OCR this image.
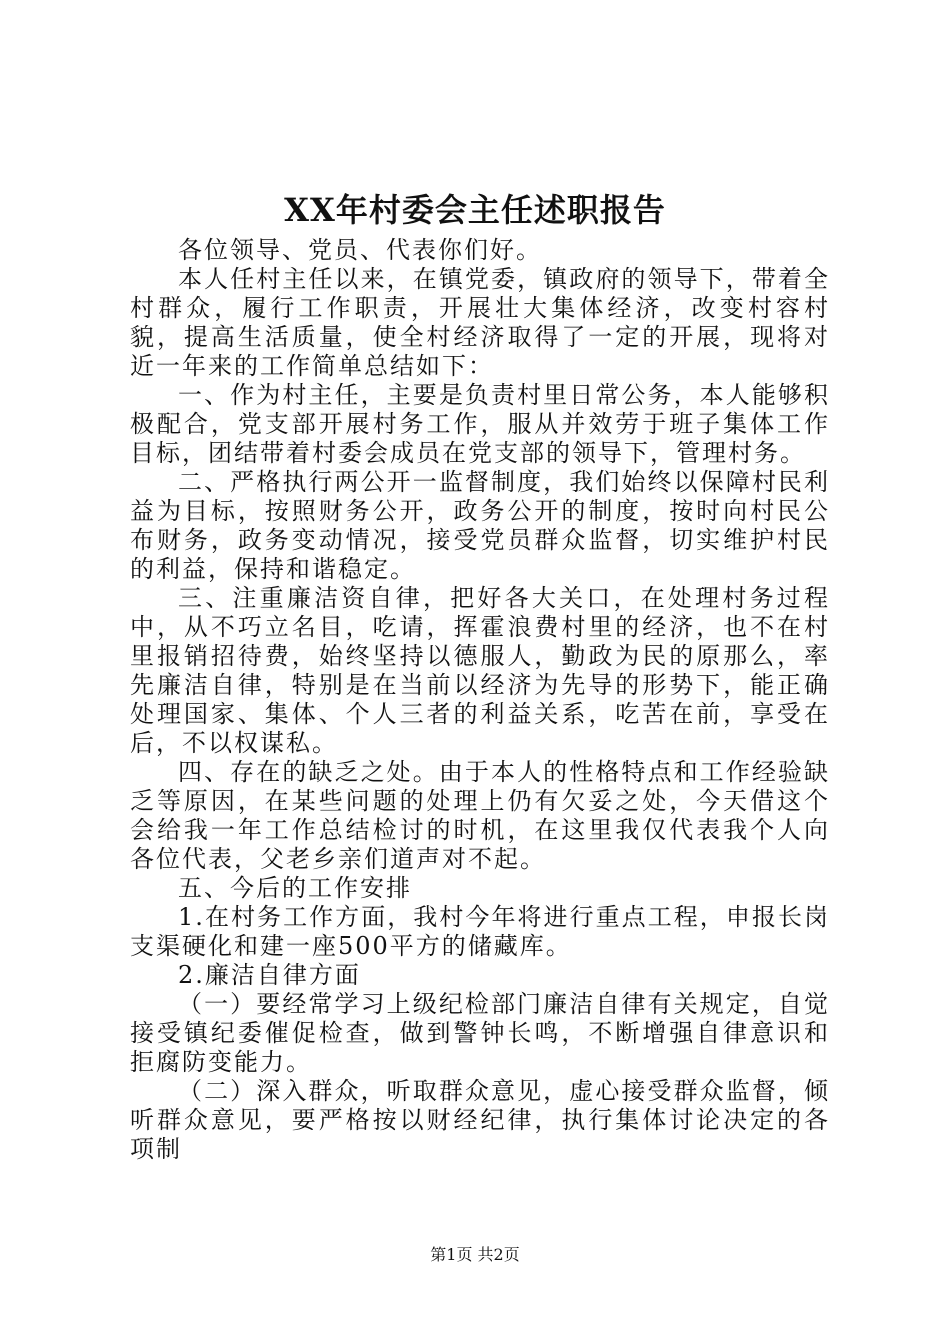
XX年村委会主任述职报告

各位领导、党员、代表你们好。

本人任村主任以来，在镇党委，镇政府的领导下，带着全村群众，履行工作职责，开展壮大集体经济，改变村容村貌，提高生活质量，使全村经济取得了一定的开展，现将对近一年来的工作简单总结如下：

一、作为村主任，主要是负责村里日常公务，本人能够积极配合，党支部开展村务工作，服从并效劳于班子集体工作目标，团结带着村委会成员在党支部的领导下，管理村务。

二、严格执行两公开一监督制度，我们始终以保障村民利益为目标，按照财务公开，政务公开的制度，按时向村民公布财务，政务变动情况，接受党员群众监督，切实维护村民的利益，保持和谐稳定。

三、注重廉洁资自律，把好各大关口，在处理村务过程中，从不巧立名目，吃请，挥霍浪费村里的经济，也不在村里报销招待费，始终坚持以德服人，勤政为民的原那么，率先廉洁自律，特别是在当前以经济为先导的形势下，能正确处理国家、集体、个人三者的利益关系，吃苦在前，享受在后，不以权谋私。

四、存在的缺乏之处。由于本人的性格特点和工作经验缺乏等原因，在某些问题的处理上仍有欠妥之处，今天借这个会给我一年工作总结检讨的时机，在这里我仅代表我个人向各位代表，父老乡亲们道声对不起。

五、今后的工作安排

1.在村务工作方面，我村今年将进行重点工程，申报长岗支渠硬化和建一座500平方的储藏库。

2.廉洁自律方面

（一）要经常学习上级纪检部门廉洁自律有关规定，自觉接受镇纪委催促检查，做到警钟长鸣，不断增强自律意识和拒腐防变能力。

（二）深入群众，听取群众意见，虚心接受群众监督，倾听群众意见，要严格按以财经纪律，执行集体讨论决定的各项制

第1页 共2页
